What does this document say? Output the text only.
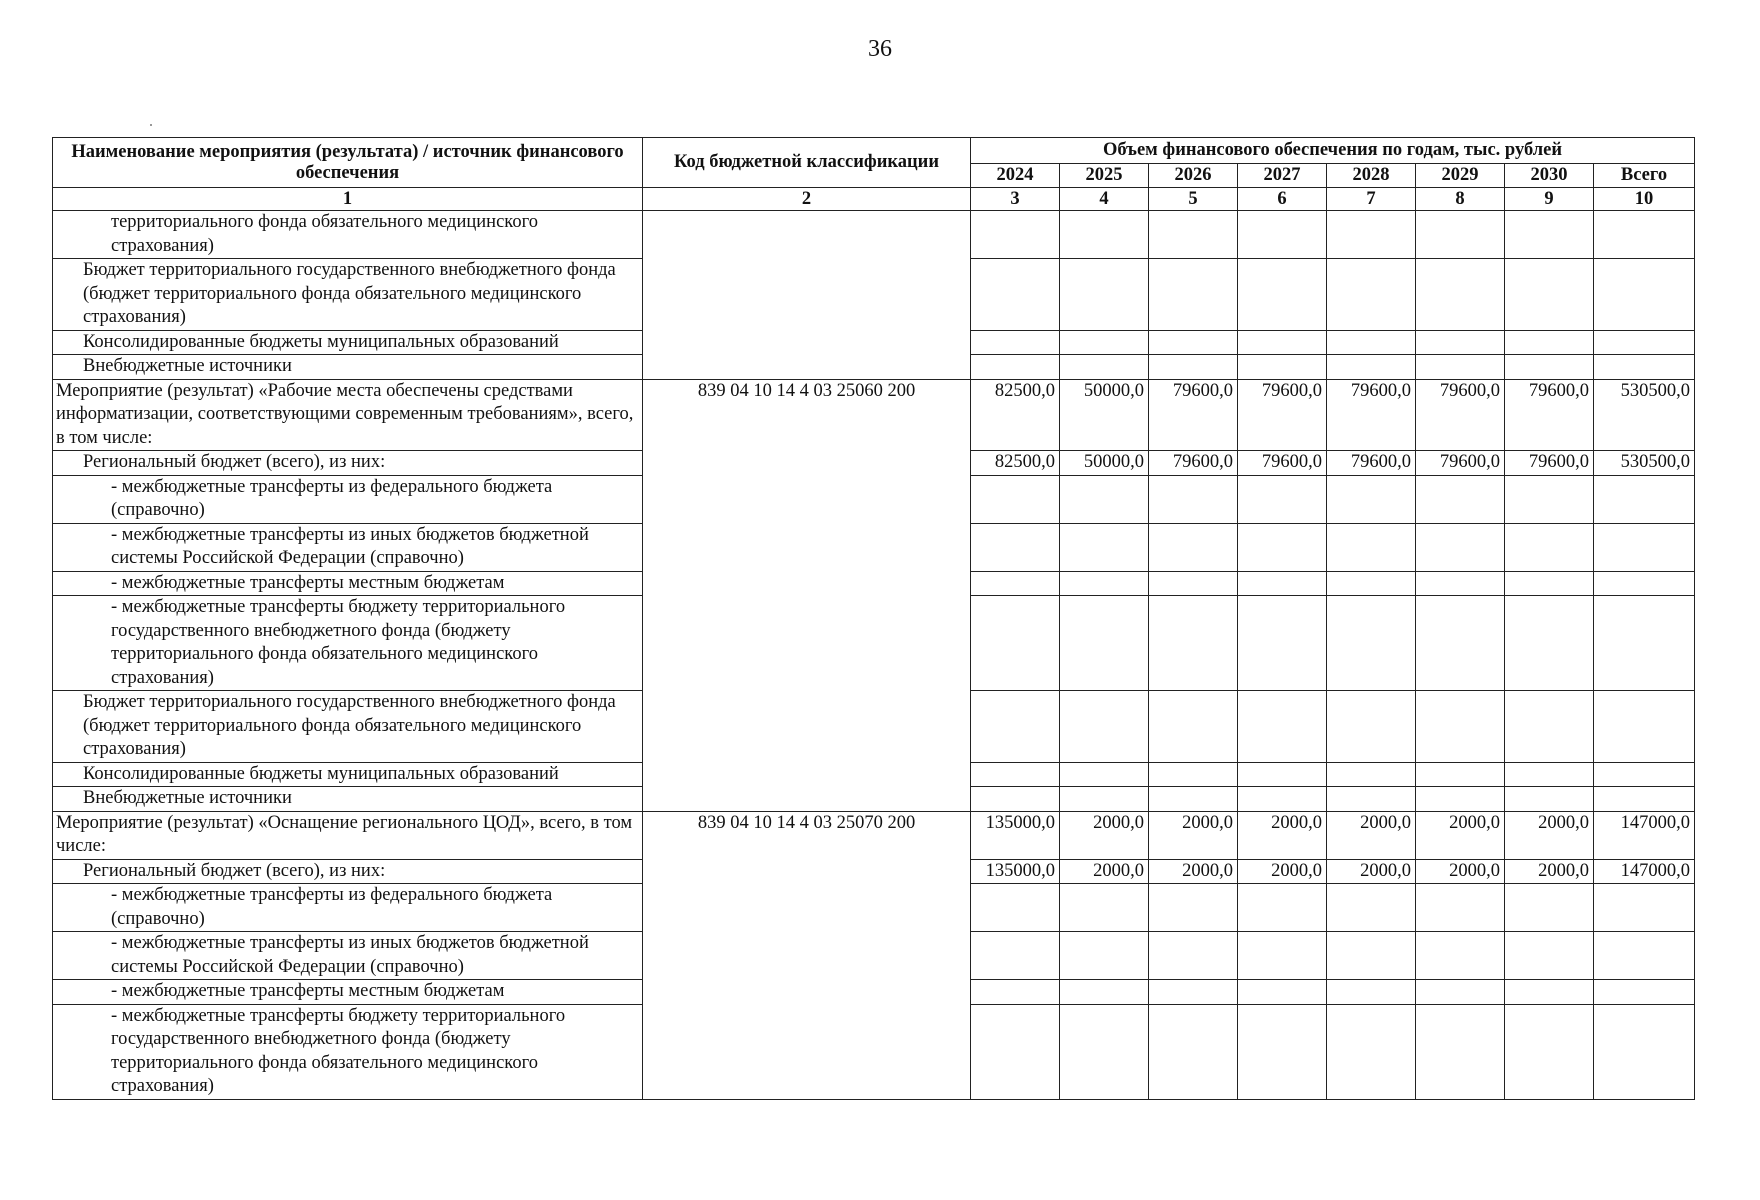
36
Наименование мероприятия (результата) / источник финансового обеспечения	Код бюджетной классификации	Объем финансового обеспечения по годам, тыс. рублей							
		2024	2025	2026	2027	2028	2029	2030	Всего
1	2	3	4	5	6	7	8	9	10
территориального фонда обязательного медицинского страхования)									
Бюджет территориального государственного внебюджетного фонда (бюджет территориального фонда обязательного медицинского страхования)									
Консолидированные бюджеты муниципальных образований									
Внебюджетные источники									
Мероприятие (результат) «Рабочие места обеспечены средствами информатизации, соответствующими современным требованиям», всего, в том числе:	839 04 10 14 4 03 25060 200	82500,0	50000,0	79600,0	79600,0	79600,0	79600,0	79600,0	530500,0
Региональный бюджет (всего), из них:		82500,0	50000,0	79600,0	79600,0	79600,0	79600,0	79600,0	530500,0
- межбюджетные трансферты из федерального бюджета (справочно)									
- межбюджетные трансферты из иных бюджетов бюджетной системы Российской Федерации (справочно)									
- межбюджетные трансферты местным бюджетам									
- межбюджетные трансферты бюджету территориального государственного внебюджетного фонда (бюджету территориального фонда обязательного медицинского страхования)									
Бюджет территориального государственного внебюджетного фонда (бюджет территориального фонда обязательного медицинского страхования)									
Консолидированные бюджеты муниципальных образований									
Внебюджетные источники									
Мероприятие (результат) «Оснащение регионального ЦОД», всего, в том числе:	839 04 10 14 4 03 25070 200	135000,0	2000,0	2000,0	2000,0	2000,0	2000,0	2000,0	147000,0
Региональный бюджет (всего), из них:		135000,0	2000,0	2000,0	2000,0	2000,0	2000,0	2000,0	147000,0
- межбюджетные трансферты из федерального бюджета (справочно)									
- межбюджетные трансферты из иных бюджетов бюджетной системы Российской Федерации (справочно)									
- межбюджетные трансферты местным бюджетам									
- межбюджетные трансферты бюджету территориального государственного внебюджетного фонда (бюджету территориального фонда обязательного медицинского страхования)									
